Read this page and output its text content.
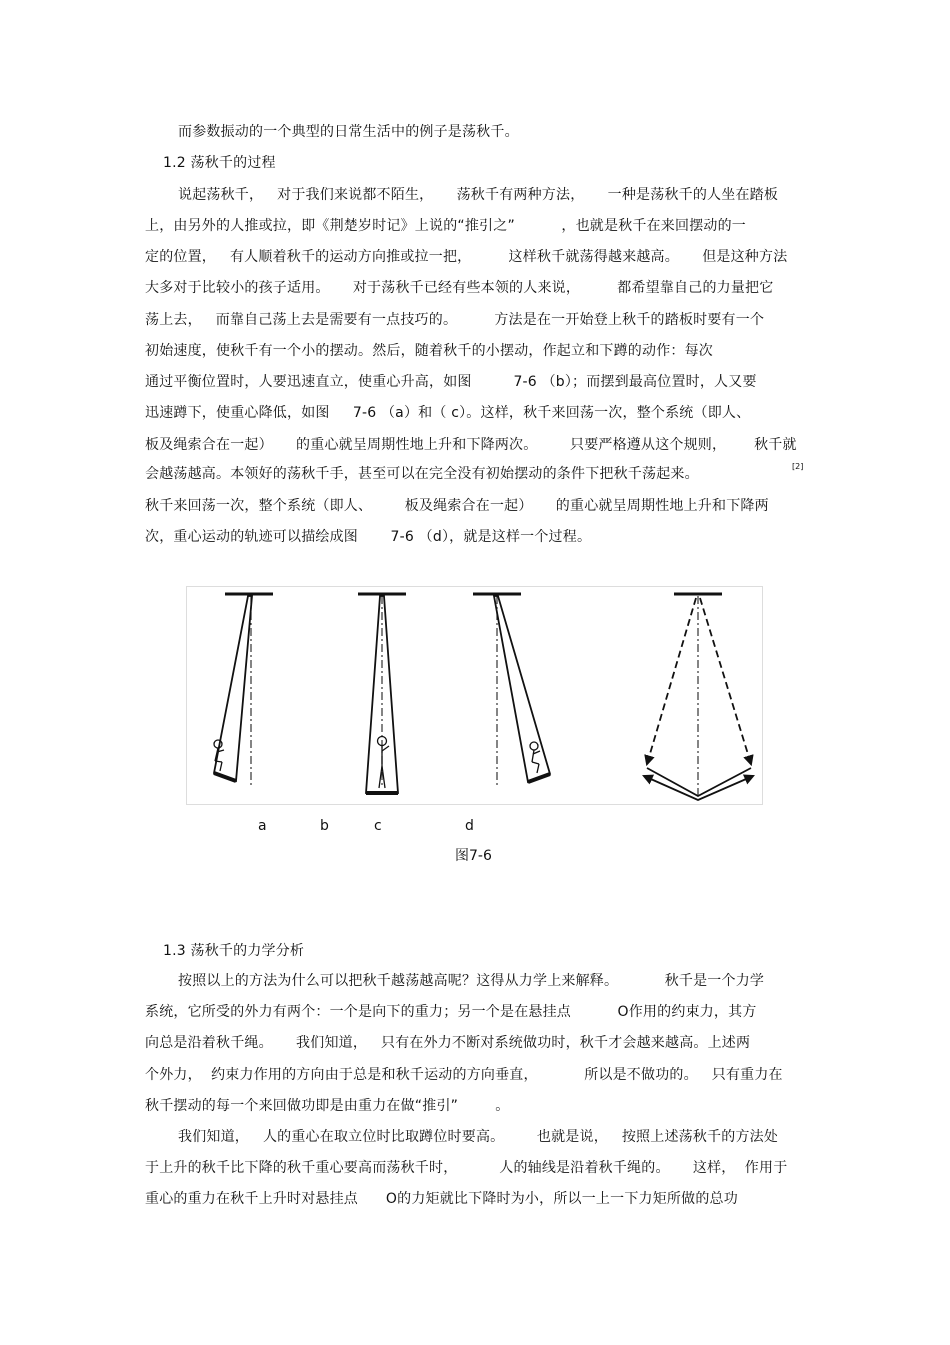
而参数振动的一个典型的日常生活中的例子是荡秋千。
1.2 荡秋千的过程
说起荡秋千，   对于我们来说都不陌生，     荡秋千有两种方法，     一种是荡秋千的人坐在踏板
上，由另外的人推或拉，即《荆楚岁时记》上说的“推引之”          ，也就是秋千在来回摆动的一
定的位置，   有人顺着秋千的运动方向推或拉一把，        这样秋千就荡得越来越高。     但是这种方法
大多对于比较小的孩子适用。     对于荡秋千已经有些本领的人来说，        都希望靠自己的力量把它
荡上去，   而靠自己荡上去是需要有一点技巧的。        方法是在一开始登上秋千的踏板时要有一个
初始速度，使秋千有一个小的摆动。然后，随着秋千的小摆动，作起立和下蹲的动作：每次
通过平衡位置时，人要迅速直立，使重心升高，如图         7-6 （b）；而摆到最高位置时，人又要
迅速蹲下，使重心降低，如图     7-6 （a）和（ c）。这样，秋千来回荡一次，整个系统（即人、
板及绳索合在一起）     的重心就呈周期性地上升和下降两次。       只要严格遵从这个规则，      秋千就
会越荡越高。本领好的荡秋千手，甚至可以在完全没有初始摆动的条件下把秋千荡起来。	[2]
秋千来回荡一次，整个系统（即人、       板及绳索合在一起）     的重心就呈周期性地上升和下降两
次，重心运动的轨迹可以描绘成图       7-6 （d），就是这样一个过程。
a	b	c	d
图7-6
1.3 荡秋千的力学分析
按照以上的方法为什么可以把秋千越荡越高呢？这得从力学上来解释。          秋千是一个力学
系统，它所受的外力有两个：一个是向下的重力；另一个是在悬挂点          O作用的约束力，其方
向总是沿着秋千绳。     我们知道，   只有在外力不断对系统做功时，秋千才会越来越高。上述两
个外力，  约束力作用的方向由于总是和秋千运动的方向垂直，          所以是不做功的。   只有重力在
秋千摆动的每一个来回做功即是由重力在做“推引”        。
我们知道，   人的重心在取立位时比取蹲位时要高。       也就是说，   按照上述荡秋千的方法处
于上升的秋千比下降的秋千重心要高而荡秋千时，         人的轴线是沿着秋千绳的。     这样，  作用于
重心的重力在秋千上升时对悬挂点      O的力矩就比下降时为小，所以一上一下力矩所做的总功
